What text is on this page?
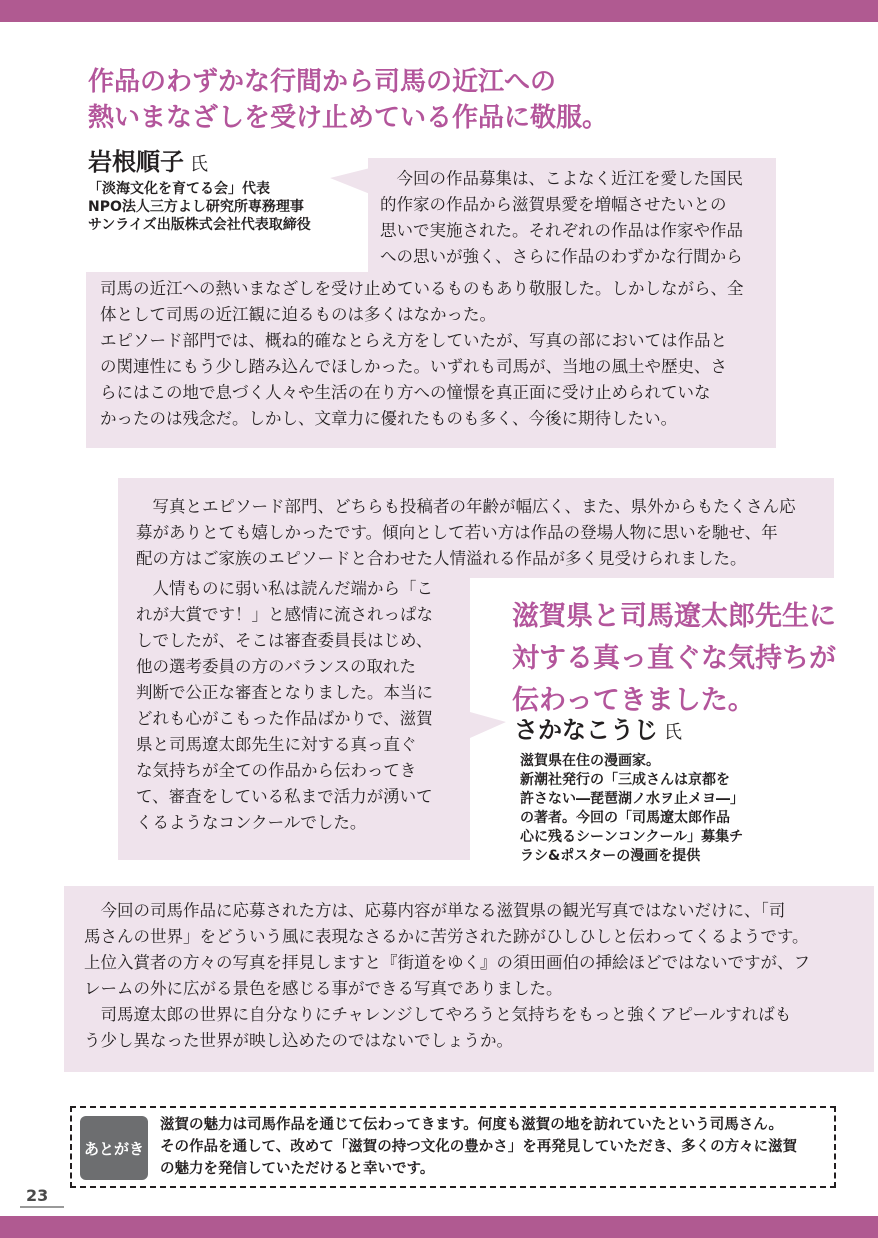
作品のわずかな行間から司馬の近江への
熱いまなざしを受け止めている作品に敬服。
岩根順子 氏
「淡海文化を育てる会」代表
NPO法人三方よし研究所専務理事
サンライズ出版株式会社代表取締役
　今回の作品募集は、こよなく近江を愛した国民
的作家の作品から滋賀県愛を増幅させたいとの
思いで実施された。それぞれの作品は作家や作品
への思いが強く、さらに作品のわずかな行間から
司馬の近江への熱いまなざしを受け止めているものもあり敬服した。しかしながら、全
体として司馬の近江観に迫るものは多くはなかった。
エピソード部門では、概ね的確なとらえ方をしていたが、写真の部においては作品と
の関連性にもう少し踏み込んでほしかった。いずれも司馬が、当地の風土や歴史、さ
らにはこの地で息づく人々や生活の在り方への憧憬を真正面に受け止められていな
かったのは残念だ。しかし、文章力に優れたものも多く、今後に期待したい。
　写真とエピソード部門、どちらも投稿者の年齢が幅広く、また、県外からもたくさん応
募がありとても嬉しかったです。傾向として若い方は作品の登場人物に思いを馳せ、年
配の方はご家族のエピソードと合わせた人情溢れる作品が多く見受けられました。
　人情ものに弱い私は読んだ端から「こ
れが大賞です！」と感情に流されっぱな
しでしたが、そこは審査委員長はじめ、
他の選考委員の方のバランスの取れた
判断で公正な審査となりました。本当に
どれも心がこもった作品ばかりで、滋賀
県と司馬遼太郎先生に対する真っ直ぐ
な気持ちが全ての作品から伝わってき
て、審査をしている私まで活力が湧いて
くるようなコンクールでした。
滋賀県と司馬遼太郎先生に
対する真っ直ぐな気持ちが
伝わってきました。
さかなこうじ 氏
滋賀県在住の漫画家。
新潮社発行の「三成さんは京都を
許さない―琵琶湖ノ水ヲ止メヨ―」
の著者。今回の「司馬遼太郎作品
心に残るシーンコンクール」募集チ
ラシ&ポスターの漫画を提供
　今回の司馬作品に応募された方は、応募内容が単なる滋賀県の観光写真ではないだけに、「司
馬さんの世界」をどういう風に表現なさるかに苦労された跡がひしひしと伝わってくるようです。
上位入賞者の方々の写真を拝見しますと『街道をゆく』の須田画伯の挿絵ほどではないですが、フ
レームの外に広がる景色を感じる事ができる写真でありました。
　司馬遼太郎の世界に自分なりにチャレンジしてやろうと気持ちをもっと強くアピールすればも
う少し異なった世界が映し込めたのではないでしょうか。
あとがき
滋賀の魅力は司馬作品を通じて伝わってきます。何度も滋賀の地を訪れていたという司馬さん。
その作品を通して、改めて「滋賀の持つ文化の豊かさ」を再発見していただき、多くの方々に滋賀
の魅力を発信していただけると幸いです。
23
